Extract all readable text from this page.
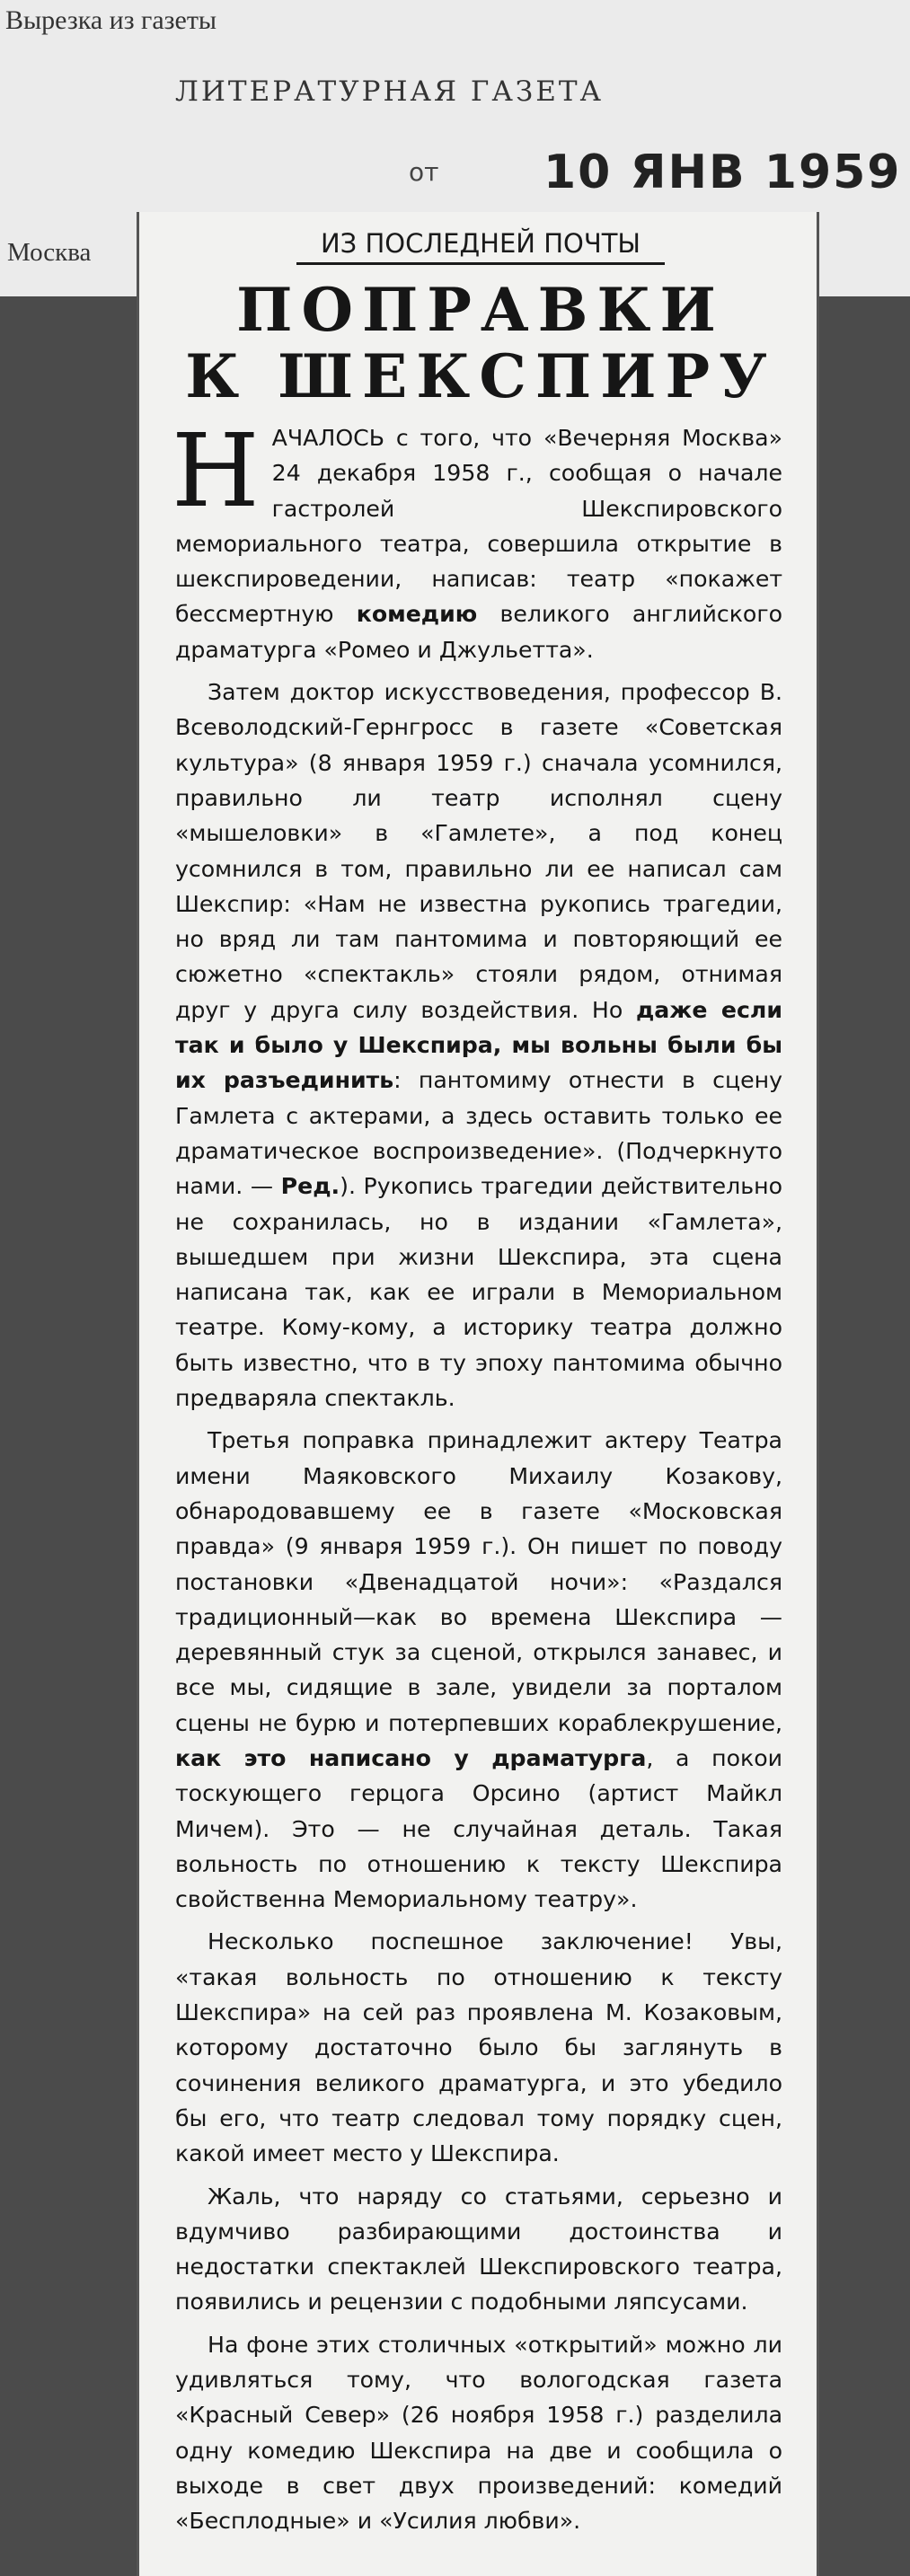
Вырезка из газеты
ЛИТЕРАТУРНАЯ ГАЗЕТА
от 10 ЯНВ 1959
Москва	ИЗ ПОСЛЕДНЕЙ ПОЧТЫ
ПОПРАВКИ
К ШЕКСПИРУ

НАЧАЛОСЬ с того, что «Вечерняя Москва» 24 декабря 1958 г., сообщая о начале гастролей Шекспировского мемориального театра, совершила открытие в шекспироведении, написав: театр «покажет бессмертную комедию великого английского драматурга «Ромео и Джульетта».

Затем доктор искусствоведения, профессор В. Всеволодский-Гернгросс в газете «Советская культура» (8 января 1959 г.) сначала усомнился, правильно ли театр исполнял сцену «мышеловки» в «Гамлете», а под конец усомнился в том, правильно ли ее написал сам Шекспир: «Нам не известна рукопись трагедии, но вряд ли там пантомима и повторяющий ее сюжетно «спектакль» стояли рядом, отнимая друг у друга силу воздействия. Но даже если так и было у Шекспира, мы вольны были бы их разъединить: пантомиму отнести в сцену Гамлета с актерами, а здесь оставить только ее драматическое воспроизведение». (Подчеркнуто нами. — Ред.). Рукопись трагедии действительно не сохранилась, но в издании «Гамлета», вышедшем при жизни Шекспира, эта сцена написана так, как ее играли в Мемориальном театре. Кому-кому, а историку театра должно быть известно, что в ту эпоху пантомима обычно предваряла спектакль.

Третья поправка принадлежит актеру Театра имени Маяковского Михаилу Козакову, обнародовавшему ее в газете «Московская правда» (9 января 1959 г.). Он пишет по поводу постановки «Двенадцатой ночи»: «Раздался традиционный—как во времена Шекспира — деревянный стук за сценой, открылся занавес, и все мы, сидящие в зале, увидели за порталом сцены не бурю и потерпевших кораблекрушение, как это написано у драматурга, а покои тоскующего герцога Орсино (артист Майкл Мичем). Это — не случайная деталь. Такая вольность по отношению к тексту Шекспира свойственна Мемориальному театру».

Несколько поспешное заключение! Увы, «такая вольность по отношению к тексту Шекспира» на сей раз проявлена М. Козаковым, которому достаточно было бы заглянуть в сочинения великого драматурга, и это убедило бы его, что театр следовал тому порядку сцен, какой имеет место у Шекспира.

Жаль, что наряду со статьями, серьезно и вдумчиво разбирающими достоинства и недостатки спектаклей Шекспировского театра, появились и рецензии с подобными ляпсусами.

На фоне этих столичных «открытий» можно ли удивляться тому, что вологодская газета «Красный Север» (26 ноября 1958 г.) разделила одну комедию Шекспира на две и сообщила о выходе в свет двух произведений: комедий «Бесплодные» и «Усилия любви».
